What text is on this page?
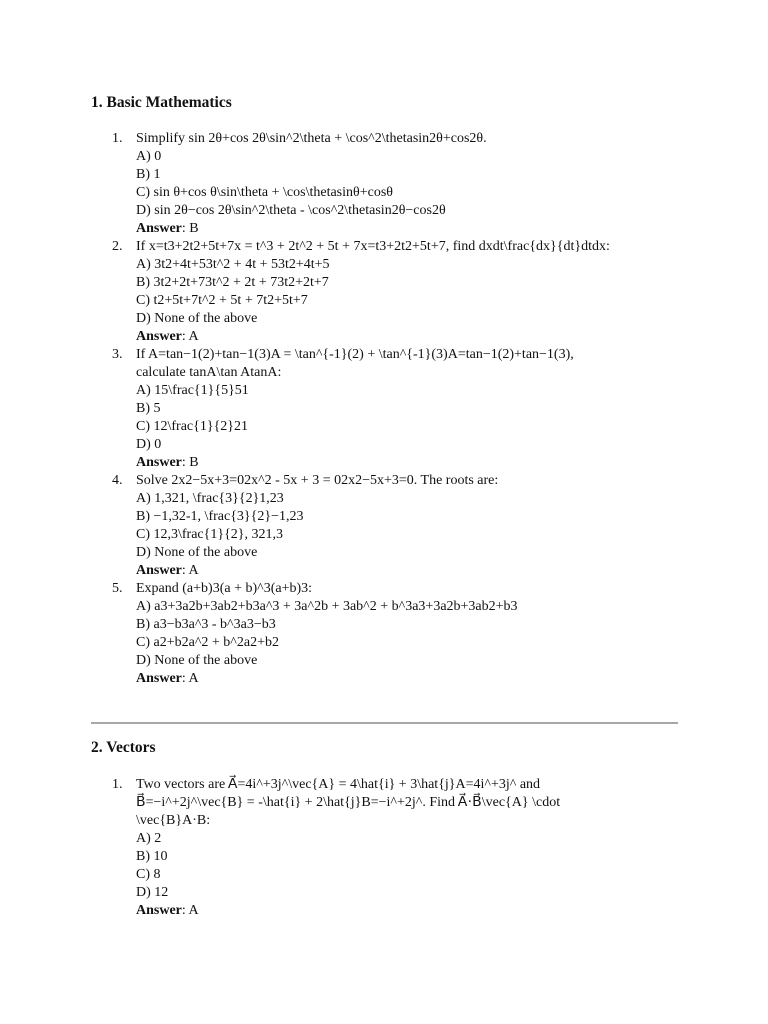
1. Basic Mathematics
1. Simplify sin⁡ 2θ+cos⁡ 2θ\sin^2\theta + \cos^2\thetasin2θ+cos2θ.
A) 0
B) 1
C) sin⁡ θ+cos⁡ θ\sin\theta + \cos\thetasinθ+cosθ
D) sin⁡ 2θ−cos⁡ 2θ\sin^2\theta - \cos^2\thetasin2θ−cos2θ
Answer: B
2. If x=t3+2t2+5t+7x = t^3 + 2t^2 + 5t + 7x=t3+2t2+5t+7, find dxdt\frac{dx}{dt}dtdx:
A) 3t2+4t+53t^2 + 4t + 53t2+4t+5
B) 3t2+2t+73t^2 + 2t + 73t2+2t+7
C) t2+5t+7t^2 + 5t + 7t2+5t+7
D) None of the above
Answer: A
3. If A=tan⁡−1(2)+tan⁡−1(3)A = \tan^{-1}(2) + \tan^{-1}(3)A=tan−1(2)+tan−1(3),
calculate tan⁡A\tan AtanA:
A) 15\frac{1}{5}51
B) 5
C) 12\frac{1}{2}21
D) 0
Answer: B
4. Solve 2x2−5x+3=02x^2 - 5x + 3 = 02x2−5x+3=0. The roots are:
A) 1,321, \frac{3}{2}1,23
B) −1,32-1, \frac{3}{2}−1,23
C) 12,3\frac{1}{2}, 321,3
D) None of the above
Answer: A
5. Expand (a+b)3(a + b)^3(a+b)3:
A) a3+3a2b+3ab2+b3a^3 + 3a^2b + 3ab^2 + b^3a3+3a2b+3ab2+b3
B) a3−b3a^3 - b^3a3−b3
C) a2+b2a^2 + b^2a2+b2
D) None of the above
Answer: A
2. Vectors
1. Two vectors are A⃗=4i^+3j^\vec{A} = 4\hat{i} + 3\hat{j}A=4i^+3j^ and
B⃗=−i^+2j^\vec{B} = -\hat{i} + 2\hat{j}B=−i^+2j^. Find A⃗⋅B⃗\vec{A} \cdot
\vec{B}A·B:
A) 2
B) 10
C) 8
D) 12
Answer: A
